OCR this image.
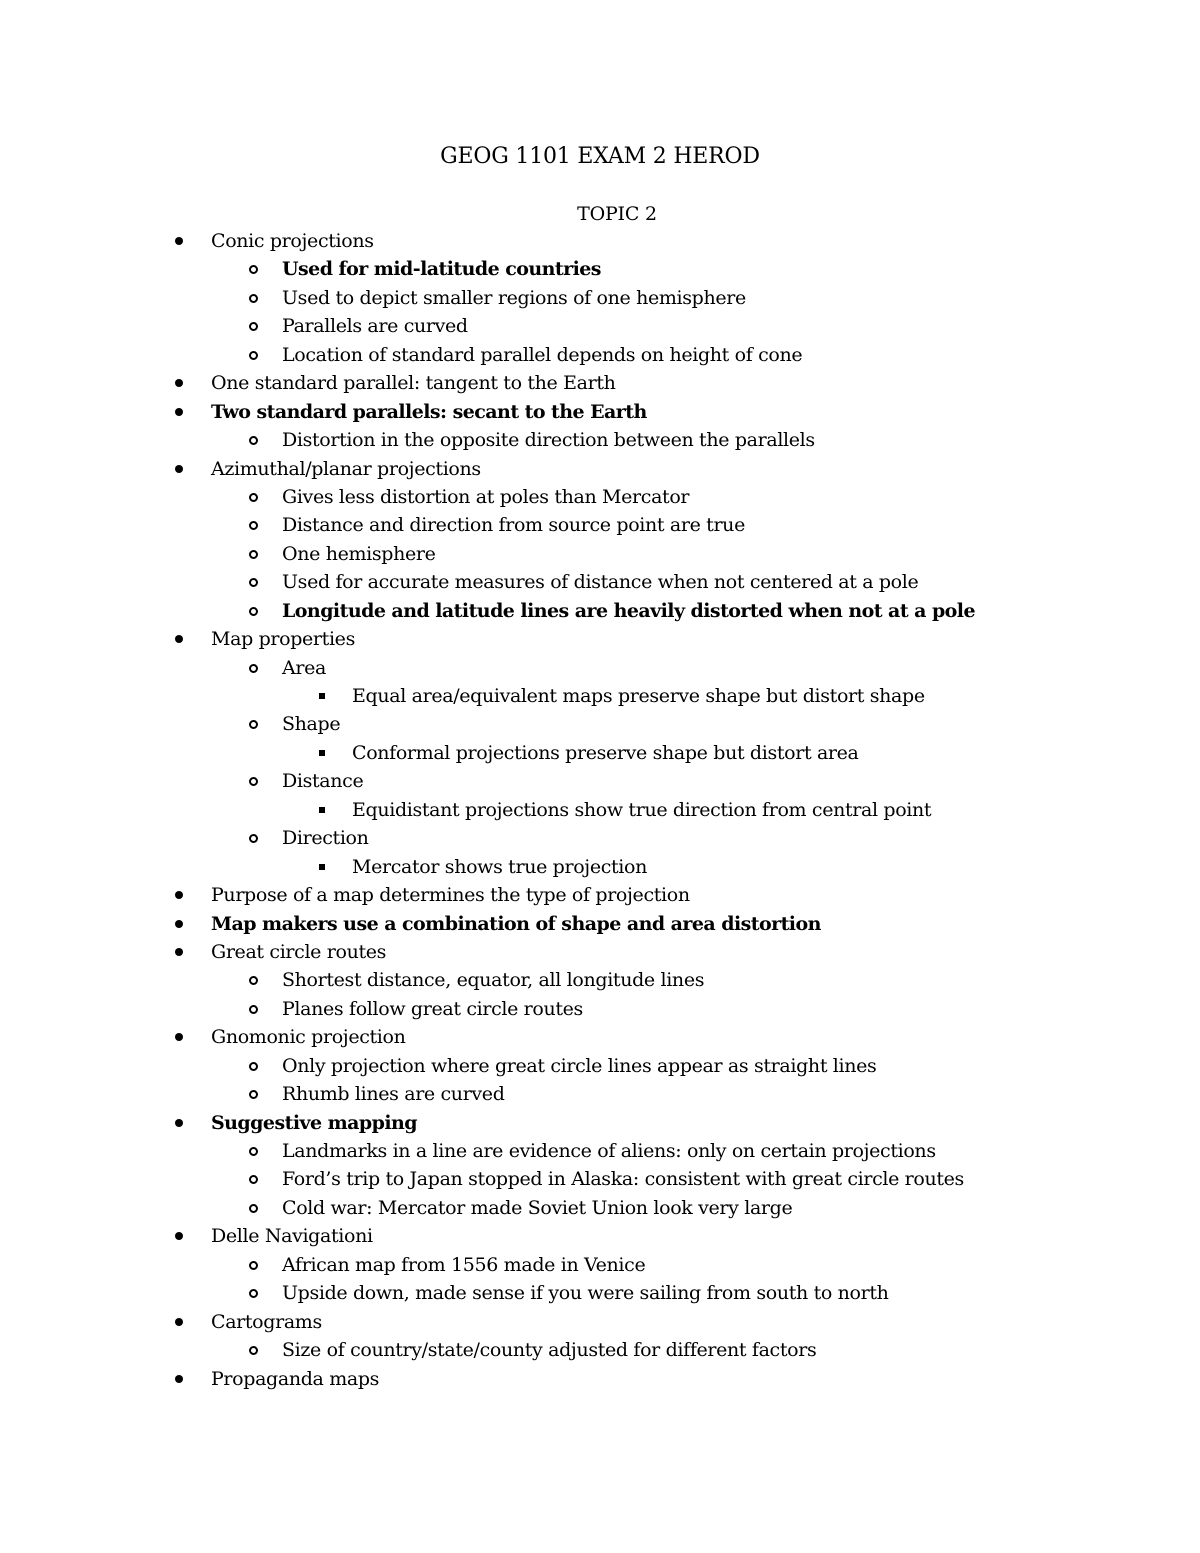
GEOG 1101 EXAM 2 HEROD
TOPIC 2
Conic projections
Used for mid-latitude countries
Used to depict smaller regions of one hemisphere
Parallels are curved
Location of standard parallel depends on height of cone
One standard parallel: tangent to the Earth
Two standard parallels: secant to the Earth
Distortion in the opposite direction between the parallels
Azimuthal/planar projections
Gives less distortion at poles than Mercator
Distance and direction from source point are true
One hemisphere
Used for accurate measures of distance when not centered at a pole
Longitude and latitude lines are heavily distorted when not at a pole
Map properties
Area
Equal area/equivalent maps preserve shape but distort shape
Shape
Conformal projections preserve shape but distort area
Distance
Equidistant projections show true direction from central point
Direction
Mercator shows true projection
Purpose of a map determines the type of projection
Map makers use a combination of shape and area distortion
Great circle routes
Shortest distance, equator, all longitude lines
Planes follow great circle routes
Gnomonic projection
Only projection where great circle lines appear as straight lines
Rhumb lines are curved
Suggestive mapping
Landmarks in a line are evidence of aliens: only on certain projections
Ford’s trip to Japan stopped in Alaska: consistent with great circle routes
Cold war: Mercator made Soviet Union look very large
Delle Navigationi
African map from 1556 made in Venice
Upside down, made sense if you were sailing from south to north
Cartograms
Size of country/state/county adjusted for different factors
Propaganda maps
